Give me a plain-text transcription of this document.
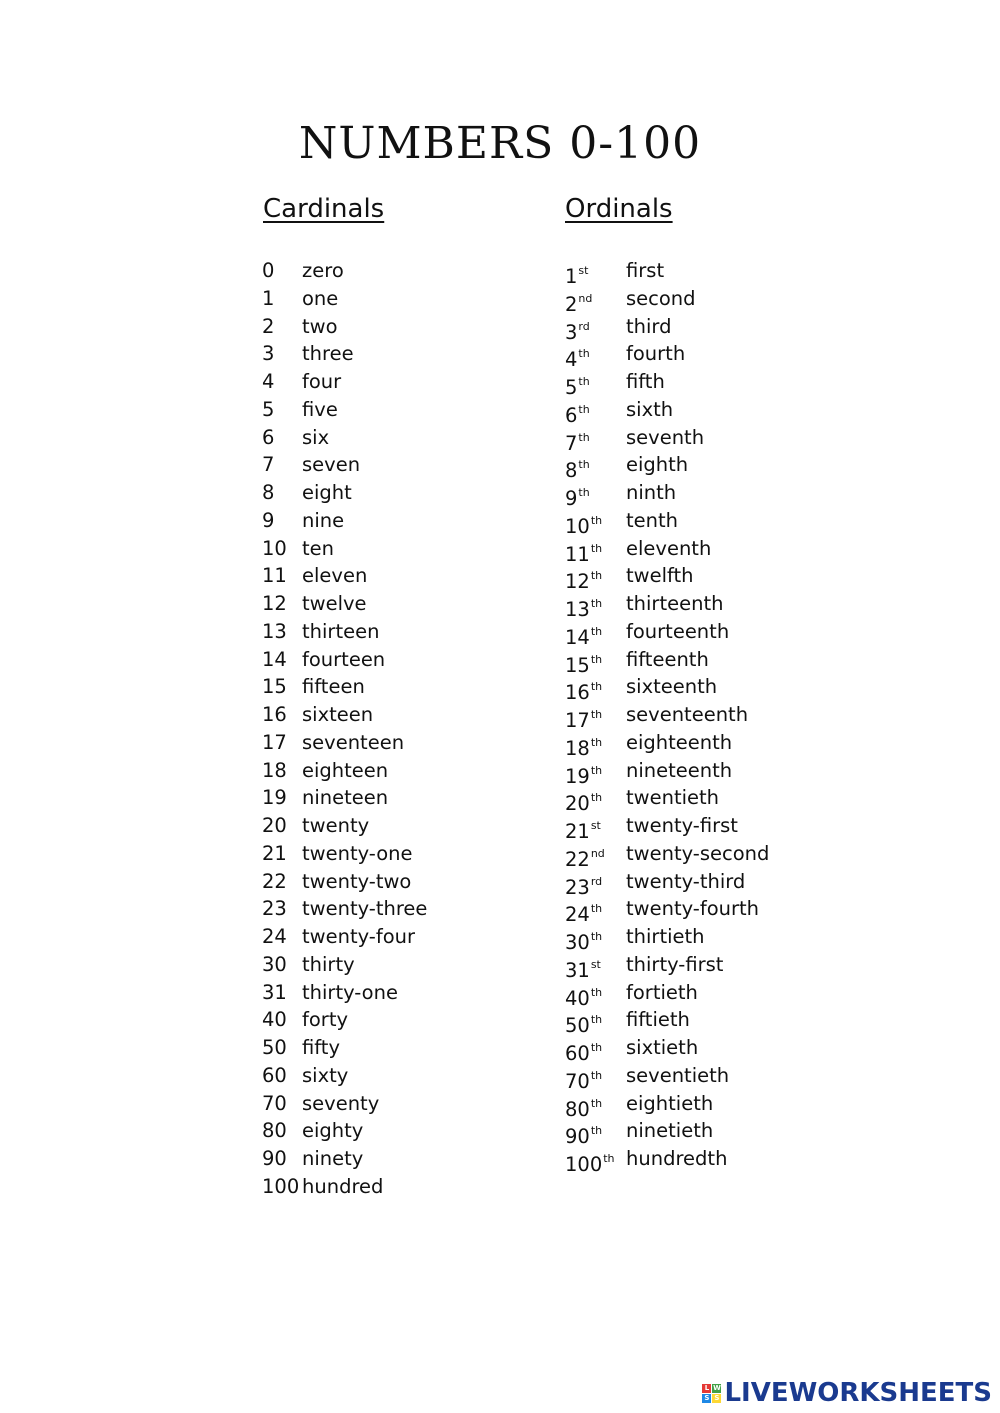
NUMBERS 0-100
Cardinals	Ordinals
0 zero
1 one
2 two
3 three
4 four
5 five
6 six
7 seven
8 eight
9 nine
10 ten
11 eleven
12 twelve
13 thirteen
14 fourteen
15 fifteen
16 sixteen
17 seventeen
18 eighteen
19 nineteen
20 twenty
21 twenty-one
22 twenty-two
23 twenty-three
24 twenty-four
30 thirty
31 thirty-one
40 forty
50 fifty
60 sixty
70 seventy
80 eighty
90 ninety
100 hundred
1st first
2nd second
3rd third
4th fourth
5th fifth
6th sixth
7th seventh
8th eighth
9th ninth
10th tenth
11th eleventh
12th twelfth
13th thirteenth
14th fourteenth
15th fifteenth
16th sixteenth
17th seventeenth
18th eighteenth
19th nineteenth
20th twentieth
21st twenty-first
22nd twenty-second
23rd twenty-third
24th twenty-fourth
30th thirtieth
31st thirty-first
40th fortieth
50th fiftieth
60th sixtieth
70th seventieth
80th eightieth
90th ninetieth
100th hundredth
L W
S S LIVEWORKSHEETS
